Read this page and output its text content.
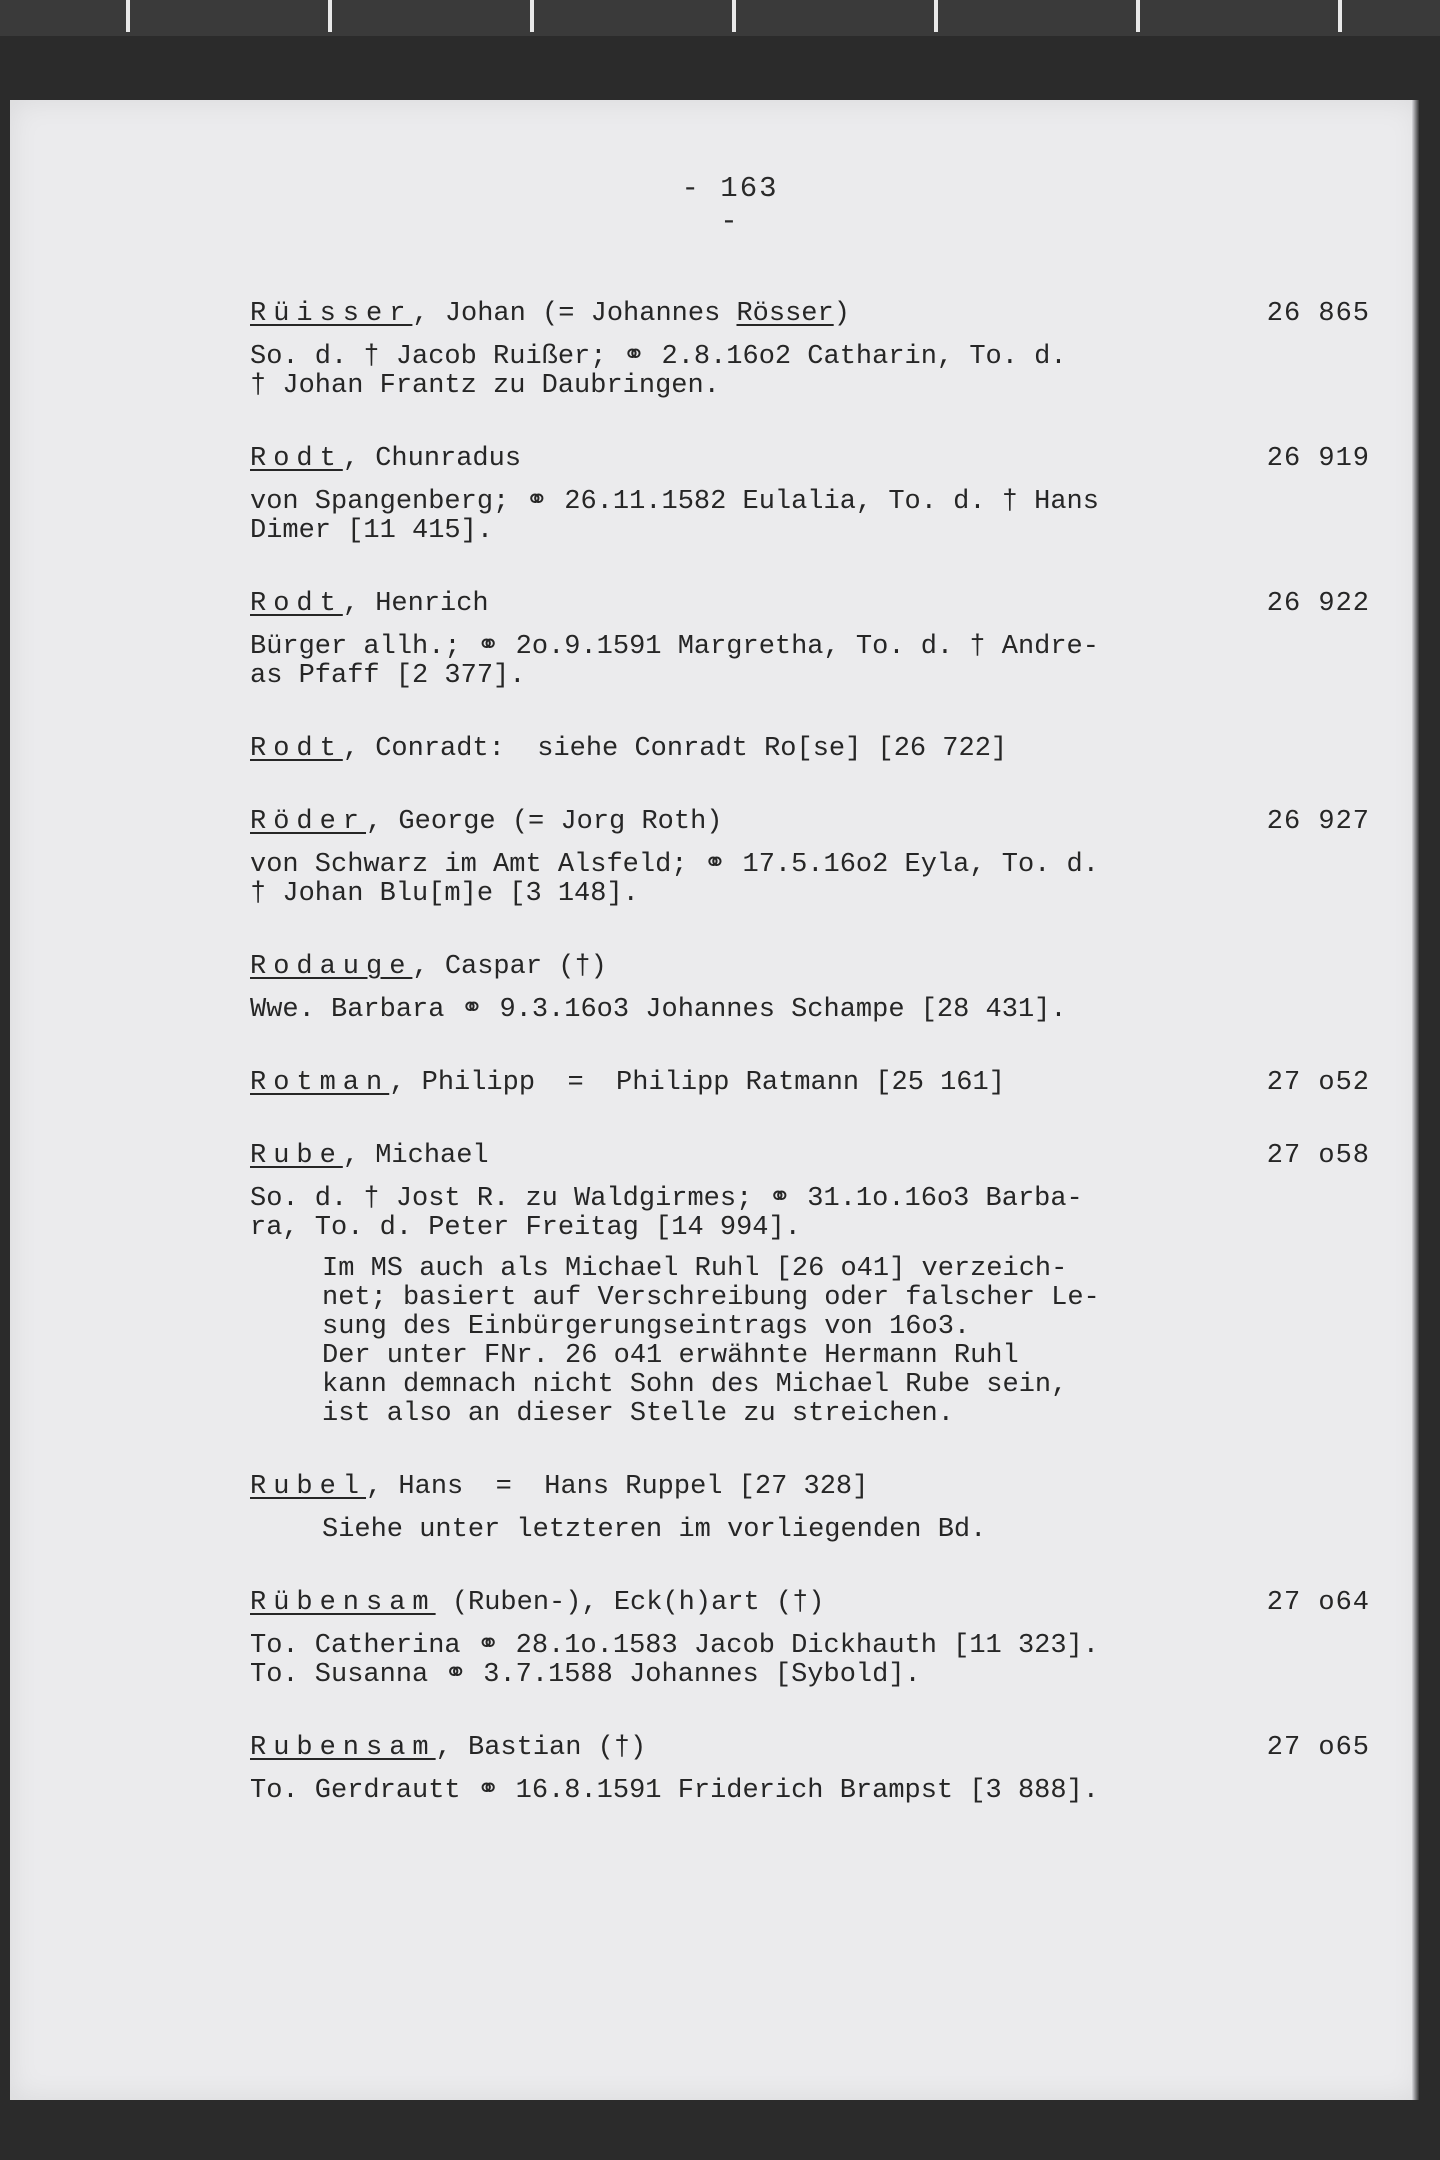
- 163 -
Rüisser, Johan (= Johannes Rösser)	26 865
So. d. † Jacob Ruißer; ⚭ 2.8.16o2 Catharin, To. d.
† Johan Frantz zu Daubringen.
Rodt, Chunradus	26 919
von Spangenberg; ⚭ 26.11.1582 Eulalia, To. d. † Hans
Dimer [11 415].
Rodt, Henrich	26 922
Bürger allh.; ⚭ 2o.9.1591 Margretha, To. d. † Andre-
as Pfaff [2 377].
Rodt, Conradt:  siehe Conradt Ro[se] [26 722]
Röder, George (= Jorg Roth)	26 927
von Schwarz im Amt Alsfeld; ⚭ 17.5.16o2 Eyla, To. d.
† Johan Blu[m]e [3 148].
Rodauge, Caspar (†)
Wwe. Barbara ⚭ 9.3.16o3 Johannes Schampe [28 431].
Rotman, Philipp  =  Philipp Ratmann [25 161]	27 o52
Rube, Michael	27 o58
So. d. † Jost R. zu Waldgirmes; ⚭ 31.1o.16o3 Barba-
ra, To. d. Peter Freitag [14 994].
Im MS auch als Michael Ruhl [26 o41] verzeich-
net; basiert auf Verschreibung oder falscher Le-
sung des Einbürgerungseintrags von 16o3.
Der unter FNr. 26 o41 erwähnte Hermann Ruhl
kann demnach nicht Sohn des Michael Rube sein,
ist also an dieser Stelle zu streichen.
Rubel, Hans  =  Hans Ruppel [27 328]
Siehe unter letzteren im vorliegenden Bd.
Rübensam (Ruben-), Eck(h)art (†)	27 o64
To. Catherina ⚭ 28.1o.1583 Jacob Dickhauth [11 323].
To. Susanna ⚭ 3.7.1588 Johannes [Sybold].
Rubensam, Bastian (†)	27 o65
To. Gerdrautt ⚭ 16.8.1591 Friderich Brampst [3 888].
